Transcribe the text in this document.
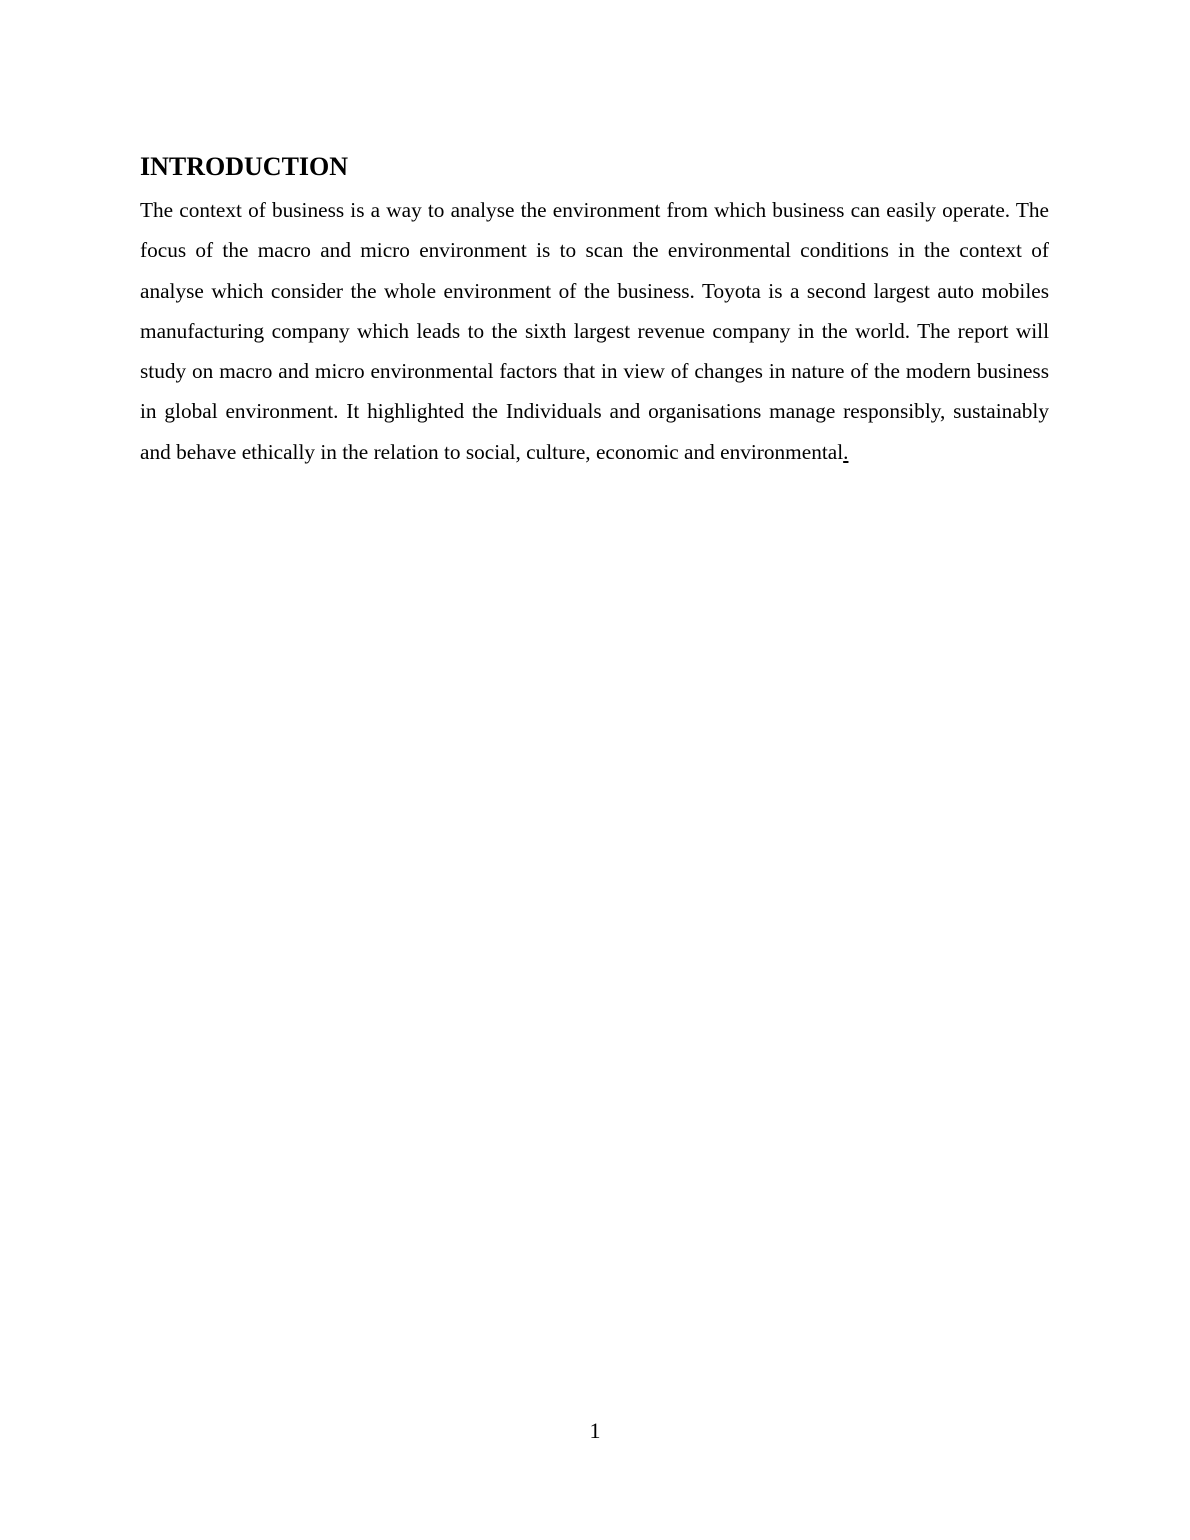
INTRODUCTION

The context of business is a way to analyse the environment from which business can easily operate. The focus of the macro and micro environment is to scan the environmental conditions in the context of analyse which consider the whole environment of the business. Toyota is a second largest auto mobiles manufacturing company which leads to the sixth largest revenue company in the world. The report will study on macro and micro environmental factors that in view of changes in nature of the modern business in global environment. It highlighted the Individuals and organisations manage responsibly, sustainably and behave ethically in the relation to social, culture, economic and environmental.

1
